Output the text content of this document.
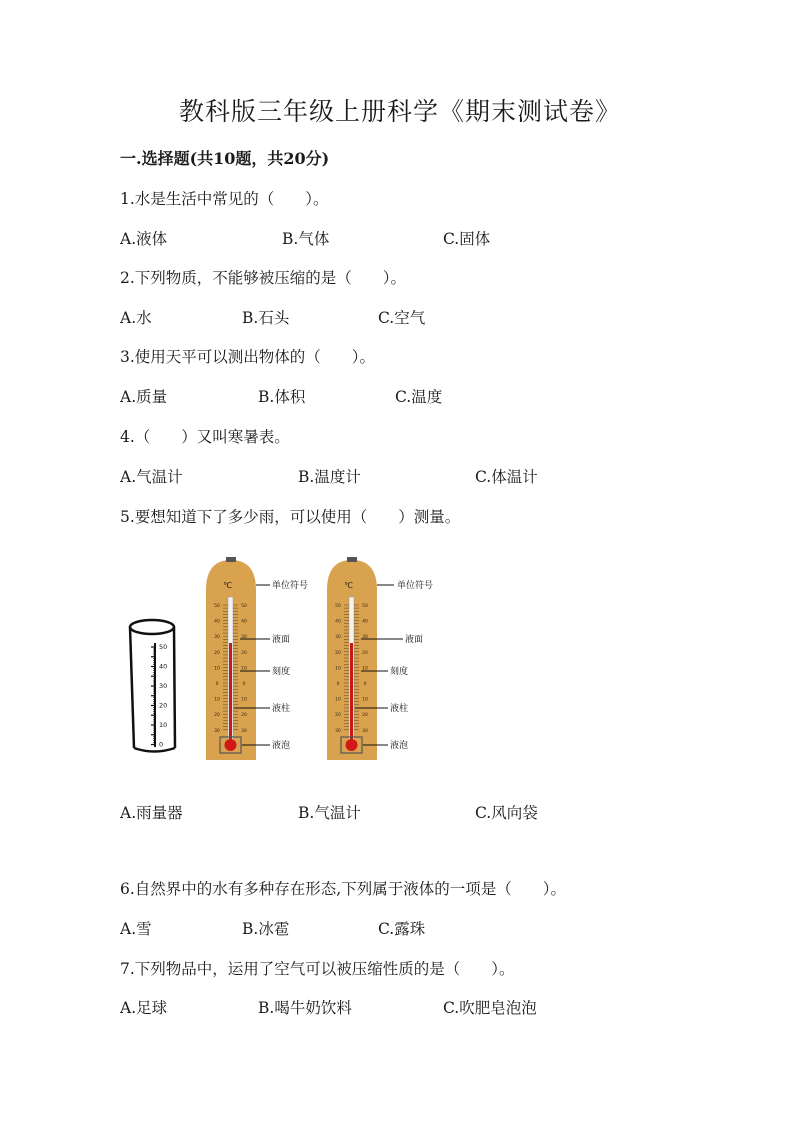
教科版三年级上册科学《期末测试卷》
一.选择题(共10题，共20分)
1.水是生活中常见的（　　）。
A.液体	B.气体	C.固体
2.下列物质，不能够被压缩的是（　　）。
A.水	B.石头	C.空气
3.使用天平可以测出物体的（　　）。
A.质量	B.体积	C.温度
4.（　　）又叫寒暑表。
A.气温计	B.温度计	C.体温计
5.要想知道下了多少雨，可以使用（　　）测量。
50
40
30
20
10
0
℃
50	50
40	40
30	30
20	20
10	10
0	0
10	10
20	20
30	30
单位符号
液面
刻度
液柱
液泡
℃
50	50
40	40
30	30
20	20
10	10
0	0
10	10
20	20
30	30
单位符号
液面
刻度
液柱
液泡
A.雨量器	B.气温计	C.风向袋
6.自然界中的水有多种存在形态,下列属于液体的一项是（　　）。
A.雪	B.冰雹	C.露珠
7.下列物品中，运用了空气可以被压缩性质的是（　　）。
A.足球	B.喝牛奶饮料	C.吹肥皂泡泡
